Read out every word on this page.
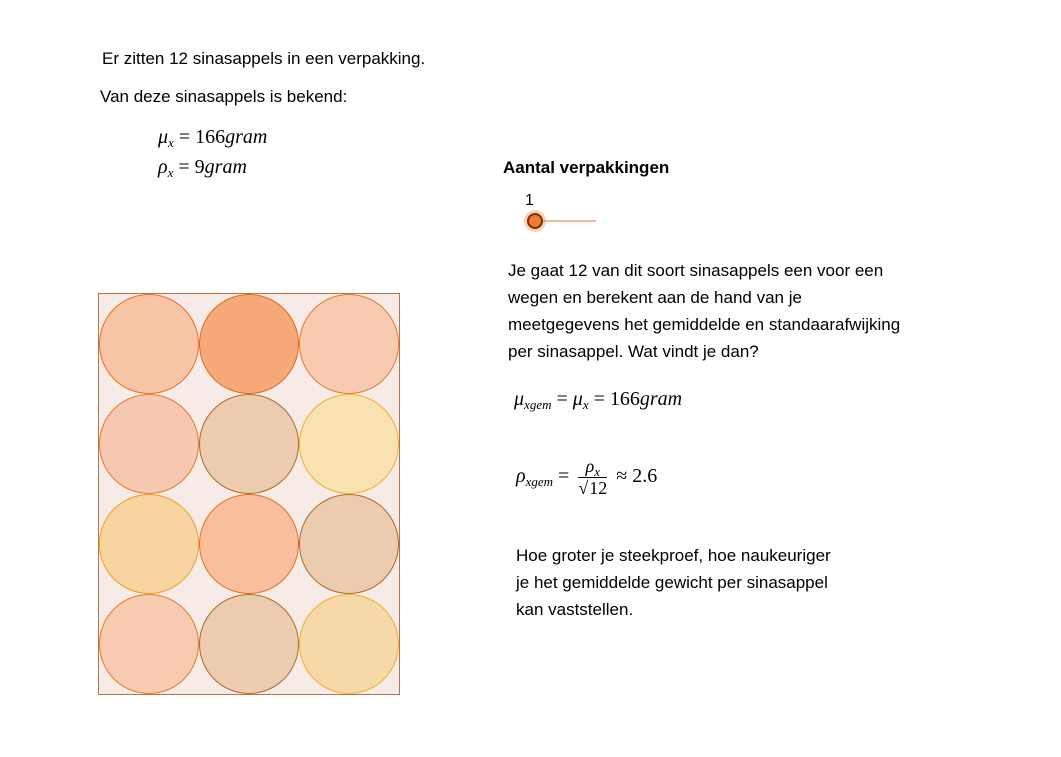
Er zitten 12 sinasappels in een verpakking.
Van deze sinasappels is bekend:
$\mu_x$ = 166gram
$\rho_x$ = 9gram	Aantal verpakkingen
1
Je gaat 12 van dit soort sinasappels een voor een
wegen en berekent aan de hand van je
meetgegevens het gemiddelde en standaarafwijking
per sinasappel. Wat vindt je dan?
$\mu_{xgem} = \mu_x$ = 166gram
$\rho_{xgem} = \frac{\rho_x}{√12} \approx 2.6$
Hoe groter je steekproef, hoe naukeuriger
je het gemiddelde gewicht per sinasappel
kan vaststellen.
